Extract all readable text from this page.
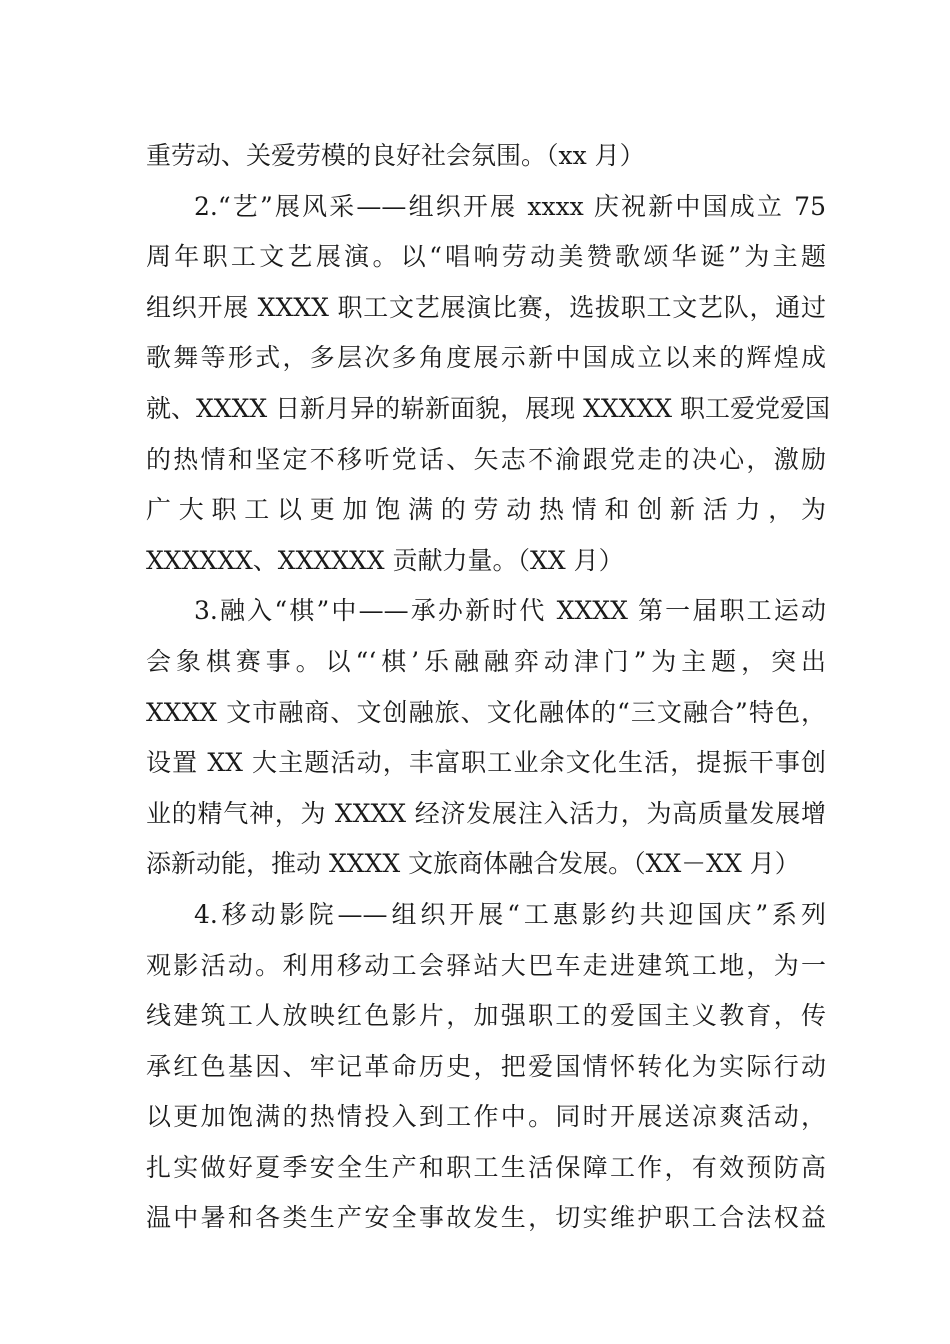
重劳动、关爱劳模的良好社会氛围。（xx 月）
2.“艺”展风采——组织开展 xxxx 庆祝新中国成立 75
周年职工文艺展演。以“唱响劳动美赞歌颂华诞”为主题
组织开展 XXXX 职工文艺展演比赛，选拔职工文艺队，通过
歌舞等形式，多层次多角度展示新中国成立以来的辉煌成
就、XXXX 日新月异的崭新面貌，展现 XXXXX 职工爱党爱国
的热情和坚定不移听党话、矢志不渝跟党走的决心，激励
广大职工以更加饱满的劳动热情和创新活力，为
XXXXXX、XXXXXX 贡献力量。（XX 月）
3.融入“棋”中——承办新时代 XXXX 第一届职工运动
会象棋赛事。以“‘棋’乐融融弈动津门”为主题，突出
XXXX 文市融商、文创融旅、文化融体的“三文融合”特色，
设置 XX 大主题活动，丰富职工业余文化生活，提振干事创
业的精气神，为 XXXX 经济发展注入活力，为高质量发展增
添新动能，推动 XXXX 文旅商体融合发展。（XX－XX 月）
4.移动影院——组织开展“工惠影约共迎国庆”系列
观影活动。利用移动工会驿站大巴车走进建筑工地，为一
线建筑工人放映红色影片，加强职工的爱国主义教育，传
承红色基因、牢记革命历史，把爱国情怀转化为实际行动
以更加饱满的热情投入到工作中。同时开展送凉爽活动，
扎实做好夏季安全生产和职工生活保障工作，有效预防高
温中暑和各类生产安全事故发生，切实维护职工合法权益
